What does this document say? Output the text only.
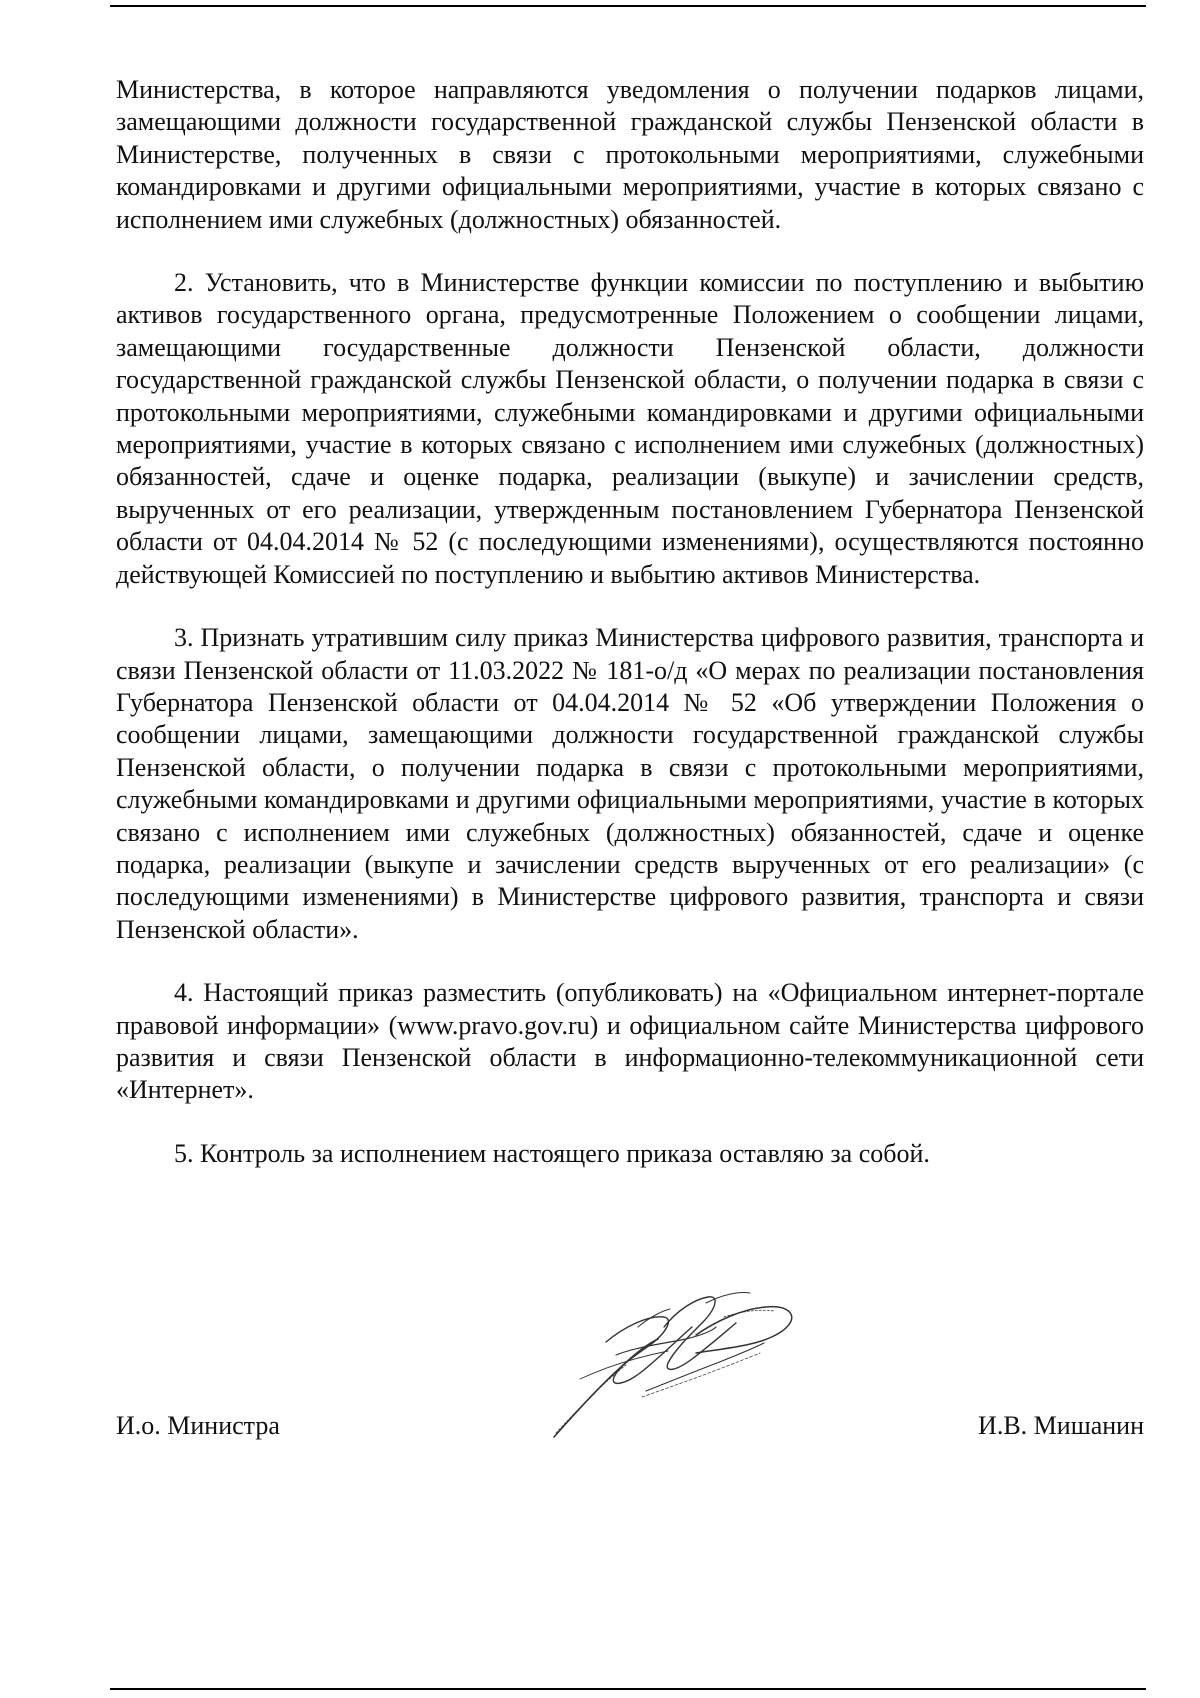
Министерства, в которое направляются уведомления о получении подарков лицами, замещающими должности государственной гражданской службы Пензенской области в Министерстве, полученных в связи с протокольными мероприятиями, служебными командировками и другими официальными мероприятиями, участие в которых связано с исполнением ими служебных (должностных) обязанностей.

2. Установить, что в Министерстве функции комиссии по поступлению и выбытию активов государственного органа, предусмотренные Положением о сообщении лицами, замещающими государственные должности Пензенской области, должности государственной гражданской службы Пензенской области, о получении подарка в связи с протокольными мероприятиями, служебными командировками и другими официальными мероприятиями, участие в которых связано с исполнением ими служебных (должностных) обязанностей, сдаче и оценке подарка, реализации (выкупе) и зачислении средств, вырученных от его реализации, утвержденным постановлением Губернатора Пензенской области от 04.04.2014 № 52 (с последующими изменениями), осуществляются постоянно действующей Комиссией по поступлению и выбытию активов Министерства.

3. Признать утратившим силу приказ Министерства цифрового развития, транспорта и связи Пензенской области от 11.03.2022 № 181-о/д «О мерах по реализации постановления Губернатора Пензенской области от 04.04.2014 № 52 «Об утверждении Положения о сообщении лицами, замещающими должности государственной гражданской службы Пензенской области, о получении подарка в связи с протокольными мероприятиями, служебными командировками и другими официальными мероприятиями, участие в которых связано с исполнением ими служебных (должностных) обязанностей, сдаче и оценке подарка, реализации (выкупе и зачислении средств вырученных от его реализации» (с последующими изменениями) в Министерстве цифрового развития, транспорта и связи Пензенской области».

4. Настоящий приказ разместить (опубликовать) на «Официальном интернет-портале правовой информации» (www.pravo.gov.ru) и официальном сайте Министерства цифрового развития и связи Пензенской области в информационно-телекоммуникационной сети «Интернет».

5. Контроль за исполнением настоящего приказа оставляю за собой.

И.о. Министра	И.В. Мишанин
